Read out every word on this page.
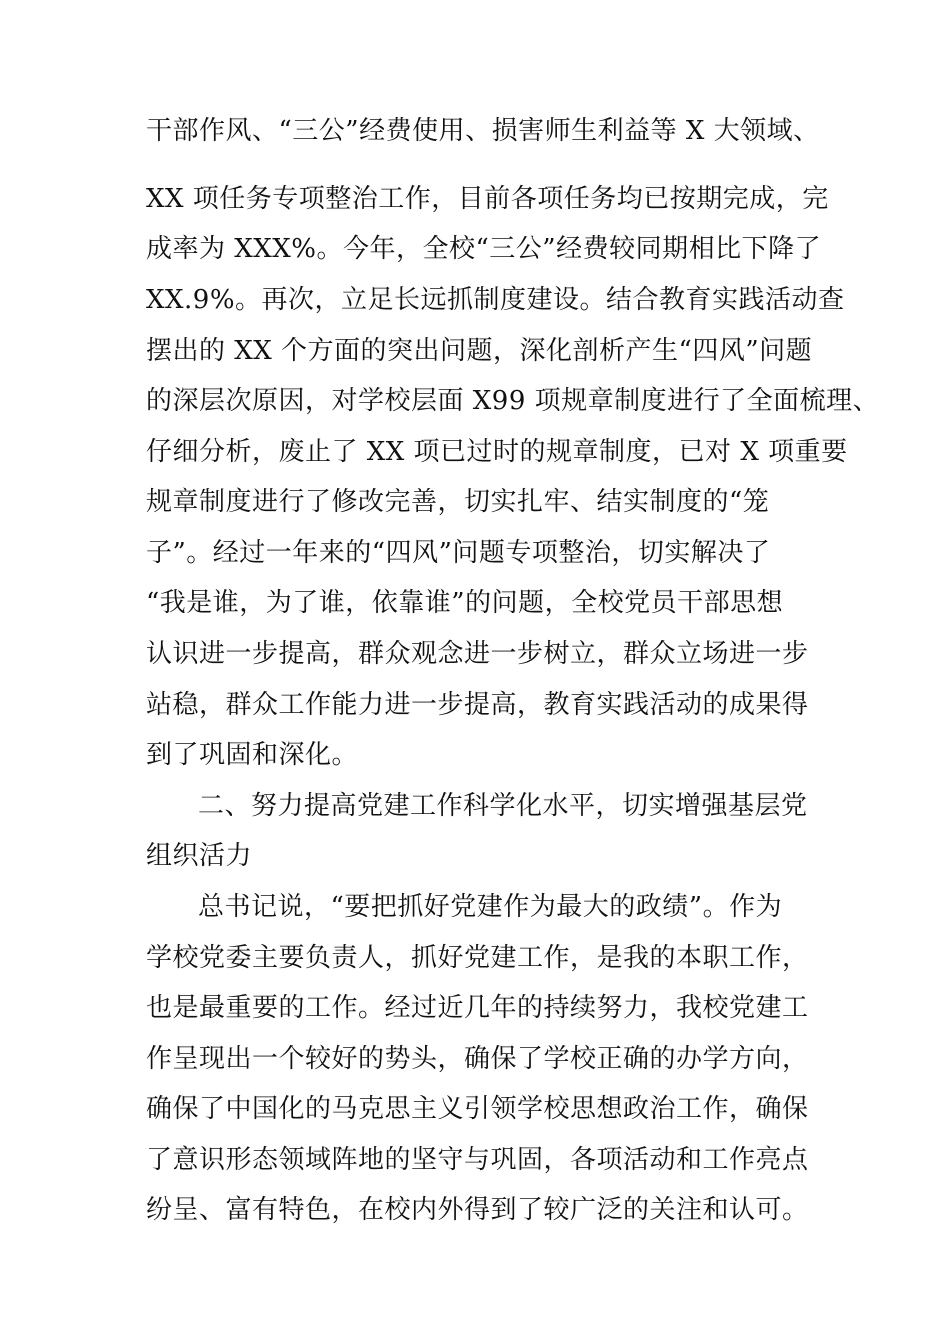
干部作风、“三公”经费使用、损害师生利益等 X 大领域、
XX 项任务专项整治工作，目前各项任务均已按期完成，完
成率为 XXX%。今年，全校“三公”经费较同期相比下降了
XX.9%。再次，立足长远抓制度建设。结合教育实践活动查
摆出的 XX 个方面的突出问题，深化剖析产生“四风”问题
的深层次原因，对学校层面 X99 项规章制度进行了全面梳理、
仔细分析，废止了 XX 项已过时的规章制度，已对 X 项重要
规章制度进行了修改完善，切实扎牢、结实制度的“笼
子”。经过一年来的“四风”问题专项整治，切实解决了
“我是谁，为了谁，依靠谁”的问题，全校党员干部思想
认识进一步提高，群众观念进一步树立，群众立场进一步
站稳，群众工作能力进一步提高，教育实践活动的成果得
到了巩固和深化。
二、努力提高党建工作科学化水平，切实增强基层党
组织活力
总书记说，“要把抓好党建作为最大的政绩”。作为
学校党委主要负责人，抓好党建工作，是我的本职工作，
也是最重要的工作。经过近几年的持续努力，我校党建工
作呈现出一个较好的势头，确保了学校正确的办学方向，
确保了中国化的马克思主义引领学校思想政治工作，确保
了意识形态领域阵地的坚守与巩固，各项活动和工作亮点
纷呈、富有特色，在校内外得到了较广泛的关注和认可。
